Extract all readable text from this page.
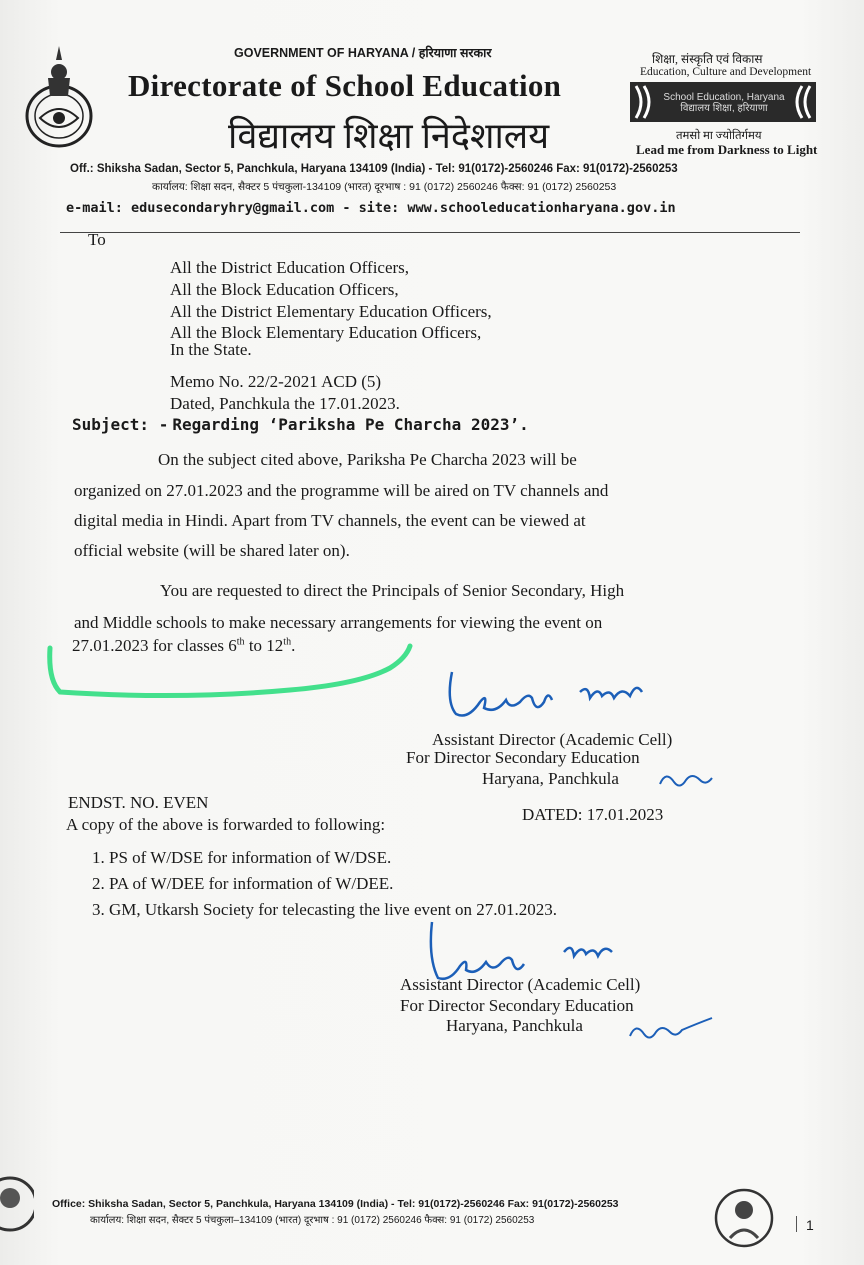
GOVERNMENT OF HARYANA / हरियाणा सरकार
Directorate of School Education
विद्यालय शिक्षा निदेशालय
शिक्षा, संस्कृति एवं विकास
Education, Culture and Development
School Education, Haryana विद्यालय शिक्षा, हरियाणा
तमसो मा ज्योतिर्गमय
Lead me from Darkness to Light
Off.: Shiksha Sadan, Sector 5, Panchkula, Haryana 134109 (India) - Tel: 91(0172)-2560246 Fax: 91(0172)-2560253
कार्यालय: शिक्षा सदन, सैक्टर 5 पंचकुला-134109 (भारत) दूरभाष : 91 (0172) 2560246 फैक्स: 91 (0172) 2560253
e-mail: edusecondaryhry@gmail.com - site: www.schooleducationharyana.gov.in
To
All the District Education Officers,
All the Block Education Officers,
All the District Elementary Education Officers,
All the Block Elementary Education Officers,
In the State.
Memo No. 22/2-2021 ACD (5)
Dated, Panchkula the 17.01.2023.
Subject: - Regarding ‘Pariksha Pe Charcha 2023’.
On the subject cited above, Pariksha Pe Charcha 2023 will be
organized on 27.01.2023 and the programme will be aired on TV channels and
digital media in Hindi. Apart from TV channels, the event can be viewed at
official website (will be shared later on).
You are requested to direct the Principals of Senior Secondary, High
and Middle schools to make necessary arrangements for viewing the event on
27.01.2023 for classes 6th to 12th.
Assistant Director (Academic Cell)
For Director Secondary Education
Haryana, Panchkula
ENDST. NO. EVEN
DATED: 17.01.2023
A copy of the above is forwarded to following:
1. PS of W/DSE for information of W/DSE.
2. PA of W/DEE for information of W/DEE.
3. GM, Utkarsh Society for telecasting the live event on 27.01.2023.
Assistant Director (Academic Cell)
For Director Secondary Education
Haryana, Panchkula
Office: Shiksha Sadan, Sector 5, Panchkula, Haryana 134109 (India) - Tel: 91(0172)-2560246 Fax: 91(0172)-2560253
कार्यालय: शिक्षा सदन, सैक्टर 5 पंचकुला–134109 (भारत) दूरभाष : 91 (0172) 2560246 फैक्स: 91 (0172) 2560253	1
